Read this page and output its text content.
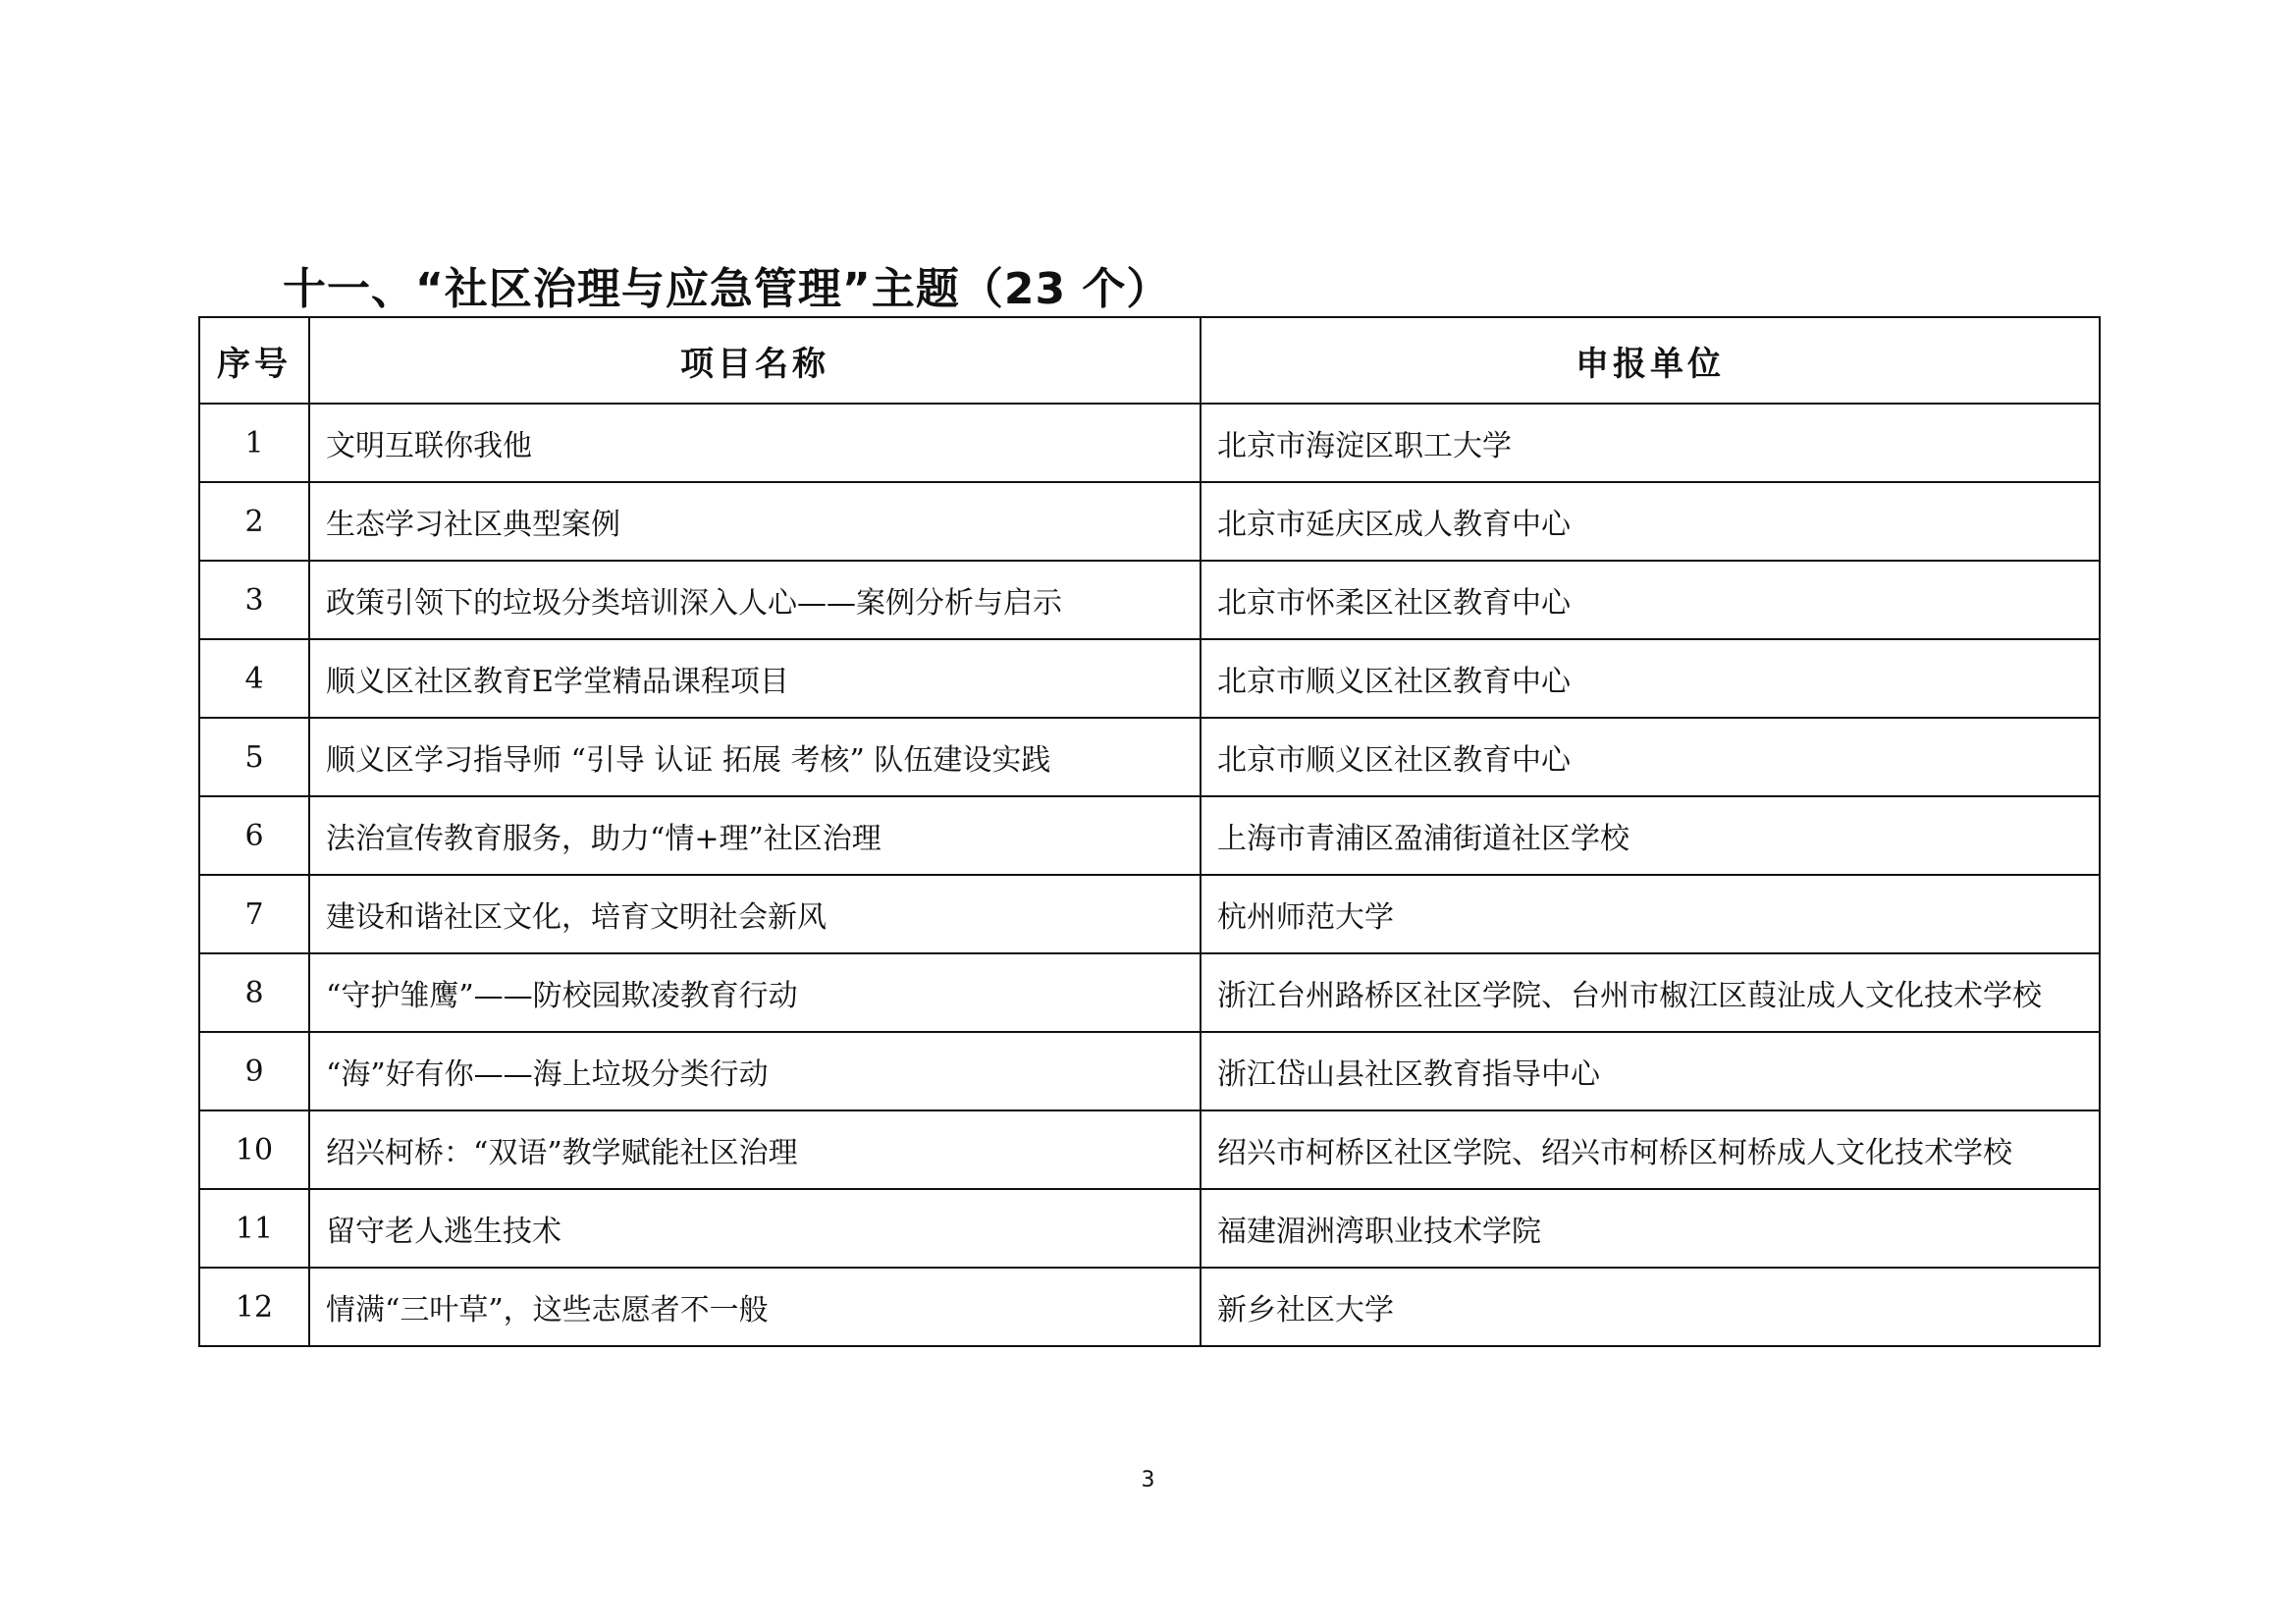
十一、“社区治理与应急管理”主题（23 个）
序号	项目名称	申报单位
1	文明互联你我他	北京市海淀区职工大学
2	生态学习社区典型案例	北京市延庆区成人教育中心
3	政策引领下的垃圾分类培训深入人心——案例分析与启示	北京市怀柔区社区教育中心
4	顺义区社区教育E学堂精品课程项目	北京市顺义区社区教育中心
5	顺义区学习指导师 “引导 认证 拓展 考核” 队伍建设实践	北京市顺义区社区教育中心
6	法治宣传教育服务，助力“情+理”社区治理	上海市青浦区盈浦街道社区学校
7	建设和谐社区文化，培育文明社会新风	杭州师范大学
8	“守护雏鹰”——防校园欺凌教育行动	浙江台州路桥区社区学院、台州市椒江区葭沚成人文化技术学校
9	“海”好有你——海上垃圾分类行动	浙江岱山县社区教育指导中心
10	绍兴柯桥：“双语”教学赋能社区治理	绍兴市柯桥区社区学院、绍兴市柯桥区柯桥成人文化技术学校
11	留守老人逃生技术	福建湄洲湾职业技术学院
12	情满“三叶草”，这些志愿者不一般	新乡社区大学
3
